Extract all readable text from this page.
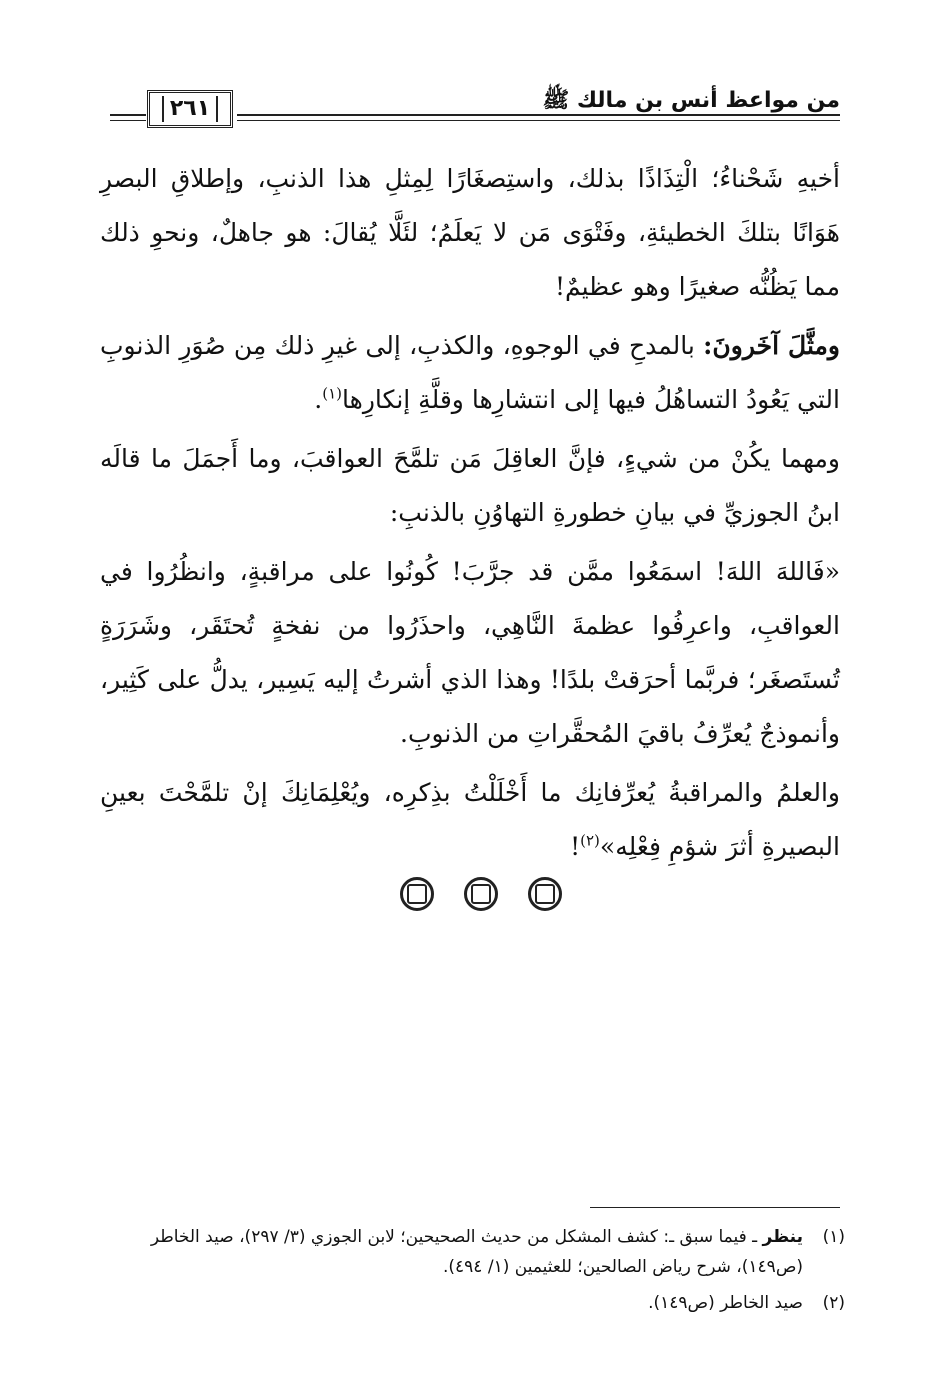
من مواعظ أنس بن مالك ﷺ
٢٦١

أخيهِ شَحْناءُ؛ الْتِذَاذًا بذلك، واستِصغَارًا لِمِثلِ هذا الذنبِ، وإطلاقِ البصرِ هَوَانًا بتلكَ الخطيئةِ، وفَتْوَى مَن لا يَعلَمُ؛ لئَلَّا يُقالَ: هو جاهلٌ، ونحوِ ذلك مما يَظُنُّه صغيرًا وهو عظيمٌ!

ومثَّلَ آخَرونَ: بالمدحِ في الوجوهِ، والكذبِ، إلى غيرِ ذلك مِن صُوَرِ الذنوبِ التي يَعُودُ التساهُلُ فيها إلى انتشارِها وقلَّةِ إنكارِها$^{(١)}$.

ومهما يكُنْ من شيءٍ، فإنَّ العاقِلَ مَن تلمَّحَ العواقبَ، وما أَجمَلَ ما قالَه ابنُ الجوزيِّ في بيانِ خطورةِ التهاوُنِ بالذنبِ:

«فَاللهَ اللهَ! اسمَعُوا ممَّن قد جرَّبَ! كُونُوا على مراقبةٍ، وانظُرُوا في العواقبِ، واعرِفُوا عظمةَ النَّاهِي، واحذَرُوا من نفخةٍ تُحتَقَر، وشَرَرَةٍ تُستَصغَر؛ فربَّما أحرَقتْ بلدًا! وهذا الذي أشرتُ إليه يَسِير، يدلُّ على كَثِير، وأنموذجٌ يُعرِّفُ باقيَ المُحقَّراتِ من الذنوبِ.

والعلمُ والمراقبةُ يُعرِّفانِك ما أَخْلَلْتُ بذِكرِه، ويُعْلِمَانِكَ إنْ تلمَّحْتَ بعينِ البصيرةِ أثرَ شؤمِ فِعْلِه»$^{(٢)}$!

(١)
ينظر ـ فيما سبق ـ: كشف المشكل من حديث الصحيحين؛ لابن الجوزي (٣/ ٢٩٧)، صيد الخاطر (ص١٤٩)، شرح رياض الصالحين؛ للعثيمين (١/ ٤٩٤).
(٢)
صيد الخاطر (ص١٤٩).
